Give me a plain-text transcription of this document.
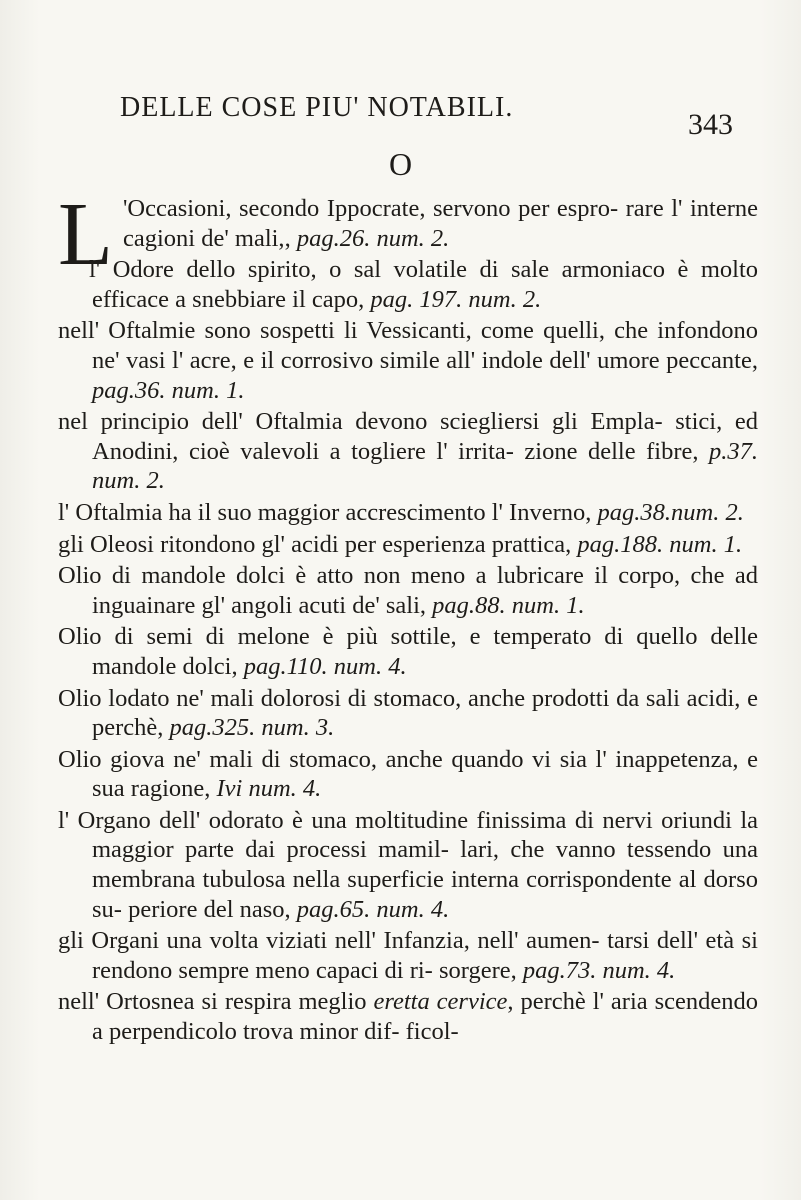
DELLE COSE PIU' NOTABILI.
343
O

L 'Occasioni, secondo Ippocrate, servono per espro- rare l' interne cagioni de' mali,, pag.26. num. 2.

l' Odore dello spirito, o sal volatile di sale armoniaco è molto efficace a snebbiare il capo, pag. 197. num. 2.

nell' Oftalmie sono sospetti li Vessicanti, come quelli, che infondono ne' vasi l' acre, e il corrosivo simile all' indole dell' umore peccante, pag.36. num. 1.

nel principio dell' Oftalmia devono sciegliersi gli Empla- stici, ed Anodini, cioè valevoli a togliere l' irrita- zione delle fibre, p.37. num. 2.

l' Oftalmia ha il suo maggior accrescimento l' Inverno, pag.38.num. 2.

gli Oleosi ritondono gl' acidi per esperienza prattica, pag.188. num. 1.

Olio di mandole dolci è atto non meno a lubricare il corpo, che ad inguainare gl' angoli acuti de' sali, pag.88. num. 1.

Olio di semi di melone è più sottile, e temperato di quello delle mandole dolci, pag.110. num. 4.

Olio lodato ne' mali dolorosi di stomaco, anche prodotti da sali acidi, e perchè, pag.325. num. 3.

Olio giova ne' mali di stomaco, anche quando vi sia l' inappetenza, e sua ragione, Ivi num. 4.

l' Organo dell' odorato è una moltitudine finissima di nervi oriundi la maggior parte dai processi mamil- lari, che vanno tessendo una membrana tubulosa nella superficie interna corrispondente al dorso su- periore del naso, pag.65. num. 4.

gli Organi una volta viziati nell' Infanzia, nell' aumen- tarsi dell' età si rendono sempre meno capaci di ri- sorgere, pag.73. num. 4.

nell' Ortosnea si respira meglio eretta cervice, perchè l' aria scendendo a perpendicolo trova minor dif- ficol-
